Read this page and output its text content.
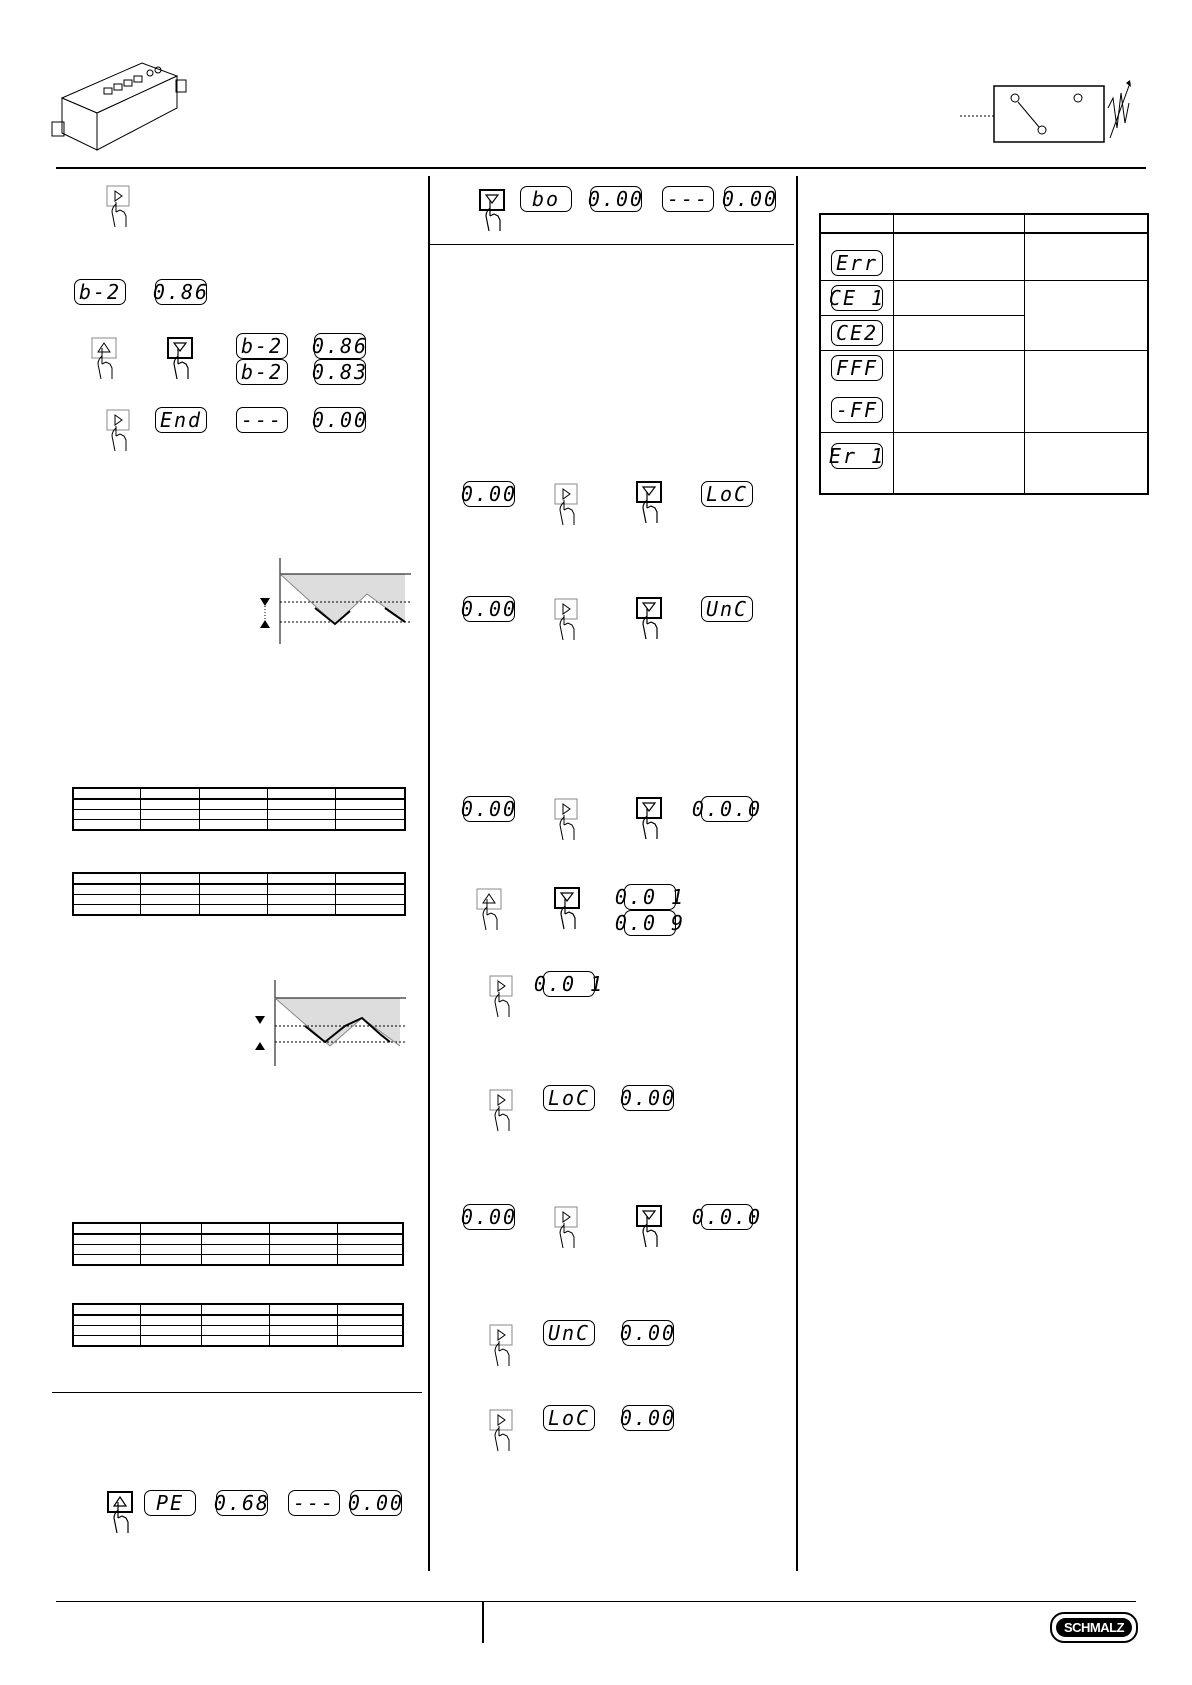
b-2 0.86
b-2 0.86
b-2 0.83
End --- 0.00

PE	0.68 --- 0.00
bo	0.00 --- 0.00
0.00	LoC
0.00	UnC
0.00	0.0.0
0.0 1
0.0 9
0.0 1
LoC 0.00
0.00	0.0.0
UnC 0.00
LoC 0.00

Err		

CE 1		

CE2		

FFF
-FF		

Er 1		

SCHMALZ
